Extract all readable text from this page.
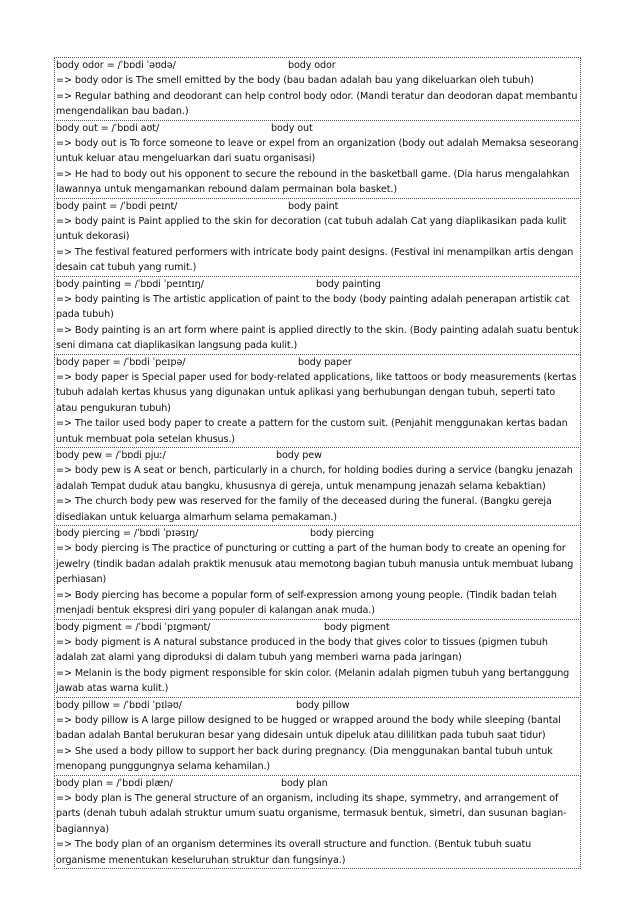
body odor = /ˈbɒdi ˈəʊdə/	body odor
=> body odor is The smell emitted by the body (bau badan adalah bau yang dikeluarkan oleh tubuh)
=> Regular bathing and deodorant can help control body odor. (Mandi teratur dan deodoran dapat membantu mengendalikan bau badan.)
body out = /ˈbɒdi aʊt/	body out
=> body out is To force someone to leave or expel from an organization (body out adalah Memaksa seseorang untuk keluar atau mengeluarkan dari suatu organisasi)
=> He had to body out his opponent to secure the rebound in the basketball game. (Dia harus mengalahkan lawannya untuk mengamankan rebound dalam permainan bola basket.)
body paint = /ˈbɒdi peɪnt/	body paint
=> body paint is Paint applied to the skin for decoration (cat tubuh adalah Cat yang diaplikasikan pada kulit untuk dekorasi)
=> The festival featured performers with intricate body paint designs. (Festival ini menampilkan artis dengan desain cat tubuh yang rumit.)
body painting = /ˈbɒdi ˈpeɪntɪŋ/	body painting
=> body painting is The artistic application of paint to the body (body painting adalah penerapan artistik cat pada tubuh)
=> Body painting is an art form where paint is applied directly to the skin. (Body painting adalah suatu bentuk seni dimana cat diaplikasikan langsung pada kulit.)
body paper = /ˈbɒdi ˈpeɪpə/	body paper
=> body paper is Special paper used for body-related applications, like tattoos or body measurements (kertas tubuh adalah kertas khusus yang digunakan untuk aplikasi yang berhubungan dengan tubuh, seperti tato atau pengukuran tubuh)
=> The tailor used body paper to create a pattern for the custom suit. (Penjahit menggunakan kertas badan untuk membuat pola setelan khusus.)
body pew = /ˈbɒdi pjuː/	body pew
=> body pew is A seat or bench, particularly in a church, for holding bodies during a service (bangku jenazah adalah Tempat duduk atau bangku, khususnya di gereja, untuk menampung jenazah selama kebaktian)
=> The church body pew was reserved for the family of the deceased during the funeral. (Bangku gereja disediakan untuk keluarga almarhum selama pemakaman.)
body piercing = /ˈbɒdi ˈpɪəsɪŋ/	body piercing
=> body piercing is The practice of puncturing or cutting a part of the human body to create an opening for jewelry (tindik badan adalah praktik menusuk atau memotong bagian tubuh manusia untuk membuat lubang perhiasan)
=> Body piercing has become a popular form of self-expression among young people. (Tindik badan telah menjadi bentuk ekspresi diri yang populer di kalangan anak muda.)
body pigment = /ˈbɒdi ˈpɪɡmənt/	body pigment
=> body pigment is A natural substance produced in the body that gives color to tissues (pigmen tubuh adalah zat alami yang diproduksi di dalam tubuh yang memberi warna pada jaringan)
=> Melanin is the body pigment responsible for skin color. (Melanin adalah pigmen tubuh yang bertanggung jawab atas warna kulit.)
body pillow = /ˈbɒdi ˈpɪləʊ/	body pillow
=> body pillow is A large pillow designed to be hugged or wrapped around the body while sleeping (bantal badan adalah Bantal berukuran besar yang didesain untuk dipeluk atau dililitkan pada tubuh saat tidur)
=> She used a body pillow to support her back during pregnancy. (Dia menggunakan bantal tubuh untuk menopang punggungnya selama kehamilan.)
body plan = /ˈbɒdi plæn/	body plan
=> body plan is The general structure of an organism, including its shape, symmetry, and arrangement of parts (denah tubuh adalah struktur umum suatu organisme, termasuk bentuk, simetri, dan susunan bagian-bagiannya)
=> The body plan of an organism determines its overall structure and function. (Bentuk tubuh suatu organisme menentukan keseluruhan struktur dan fungsinya.)
